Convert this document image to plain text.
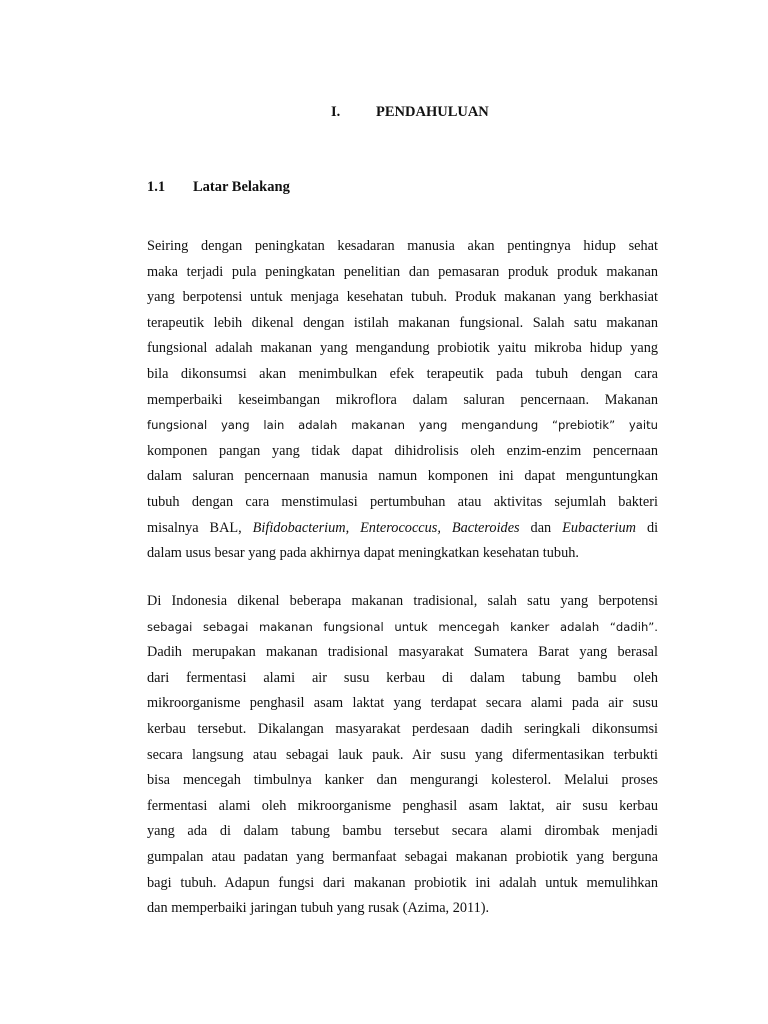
I. PENDAHULUAN
1.1 Latar Belakang
Seiring dengan peningkatan kesadaran manusia akan pentingnya hidup sehat
maka terjadi pula peningkatan penelitian dan pemasaran produk produk makanan
yang berpotensi untuk menjaga kesehatan tubuh. Produk makanan yang berkhasiat
terapeutik lebih dikenal dengan istilah makanan fungsional. Salah satu makanan
fungsional adalah makanan yang mengandung probiotik yaitu mikroba hidup yang
bila dikonsumsi akan menimbulkan efek terapeutik pada tubuh dengan cara
memperbaiki keseimbangan mikroflora dalam saluran pencernaan. Makanan
fungsional yang lain adalah makanan yang mengandung “prebiotik” yaitu
komponen pangan yang tidak dapat dihidrolisis oleh enzim-enzim pencernaan
dalam saluran pencernaan manusia namun komponen ini dapat menguntungkan
tubuh dengan cara menstimulasi pertumbuhan atau aktivitas sejumlah bakteri
misalnya BAL, Bifidobacterium, Enterococcus, Bacteroides dan Eubacterium di
dalam usus besar yang pada akhirnya dapat meningkatkan kesehatan tubuh.
Di Indonesia dikenal beberapa makanan tradisional, salah satu yang berpotensi
sebagai sebagai makanan fungsional untuk mencegah kanker adalah “dadih”.
Dadih merupakan makanan tradisional masyarakat Sumatera Barat yang berasal
dari fermentasi alami air susu kerbau di dalam tabung bambu oleh
mikroorganisme penghasil asam laktat yang terdapat secara alami pada air susu
kerbau tersebut. Dikalangan masyarakat perdesaan dadih seringkali dikonsumsi
secara langsung atau sebagai lauk pauk. Air susu yang difermentasikan terbukti
bisa mencegah timbulnya kanker dan mengurangi kolesterol. Melalui proses
fermentasi alami oleh mikroorganisme penghasil asam laktat, air susu kerbau
yang ada di dalam tabung bambu tersebut secara alami dirombak menjadi
gumpalan atau padatan yang bermanfaat sebagai makanan probiotik yang berguna
bagi tubuh. Adapun fungsi dari makanan probiotik ini adalah untuk memulihkan
dan memperbaiki jaringan tubuh yang rusak (Azima, 2011).
